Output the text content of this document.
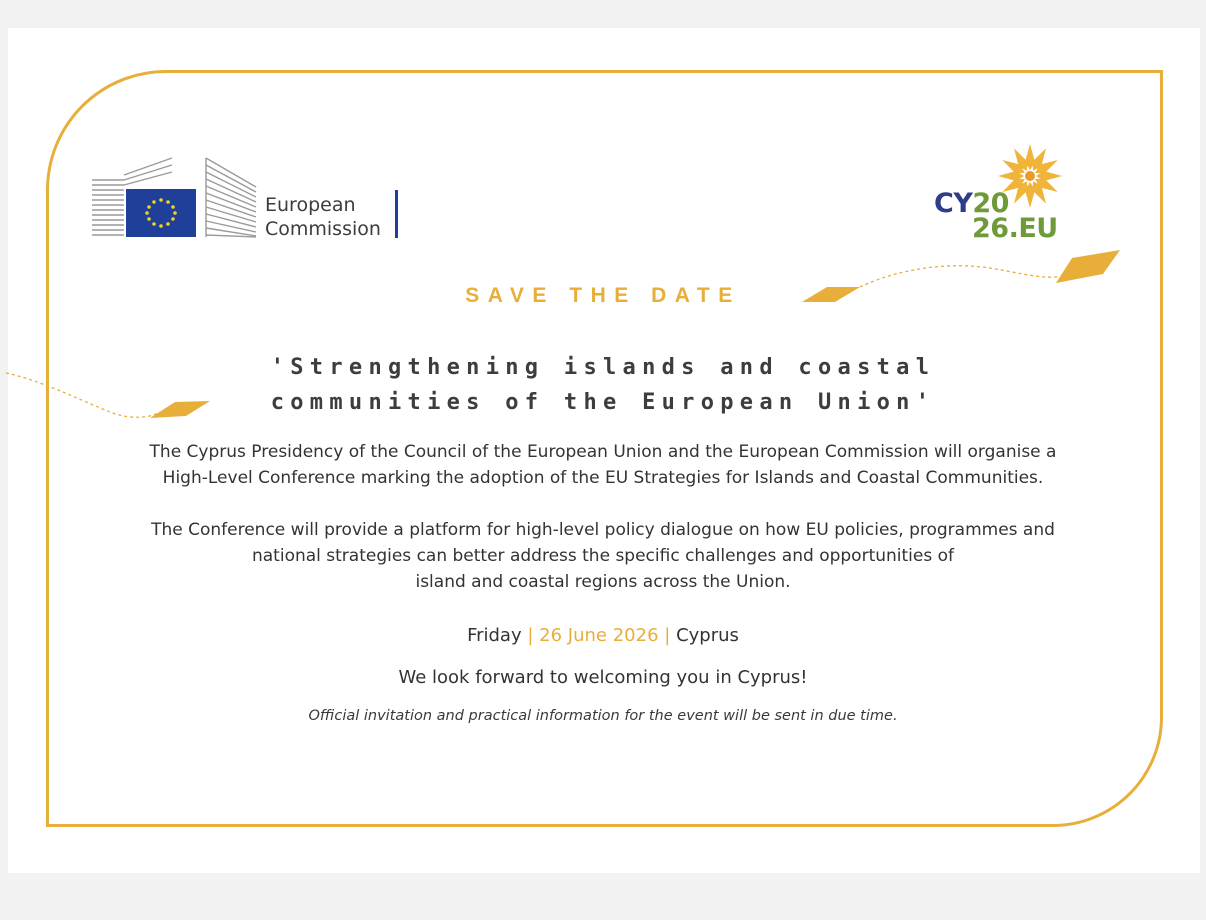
European
Commission
CY20
26.EU
SAVE THE DATE
'Strengthening islands and coastal
communities of the European Union'
The Cyprus Presidency of the Council of the European Union and the European Commission will organise a
High-Level Conference marking the adoption of the EU Strategies for Islands and Coastal Communities.
The Conference will provide a platform for high-level policy dialogue on how EU policies, programmes and
national strategies can better address the specific challenges and opportunities of
island and coastal regions across the Union.
Friday | 26 June 2026 | Cyprus
We look forward to welcoming you in Cyprus!
Official invitation and practical information for the event will be sent in due time.
